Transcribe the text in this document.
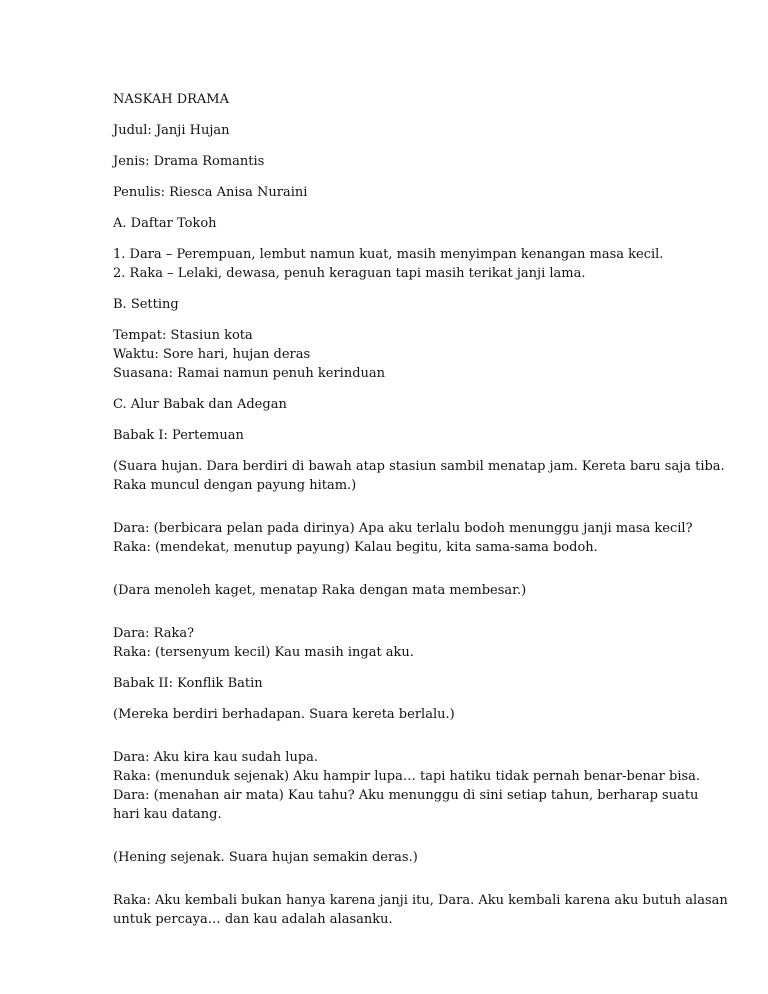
NASKAH DRAMA

Judul: Janji Hujan

Jenis: Drama Romantis

Penulis: Riesca Anisa Nuraini

A. Daftar Tokoh

1. Dara – Perempuan, lembut namun kuat, masih menyimpan kenangan masa kecil.
2. Raka – Lelaki, dewasa, penuh keraguan tapi masih terikat janji lama.

B. Setting

Tempat: Stasiun kota
Waktu: Sore hari, hujan deras
Suasana: Ramai namun penuh kerinduan

C. Alur Babak dan Adegan

Babak I: Pertemuan

(Suara hujan. Dara berdiri di bawah atap stasiun sambil menatap jam. Kereta baru saja tiba.
Raka muncul dengan payung hitam.)

Dara: (berbicara pelan pada dirinya) Apa aku terlalu bodoh menunggu janji masa kecil?
Raka: (mendekat, menutup payung) Kalau begitu, kita sama-sama bodoh.

(Dara menoleh kaget, menatap Raka dengan mata membesar.)

Dara: Raka?
Raka: (tersenyum kecil) Kau masih ingat aku.

Babak II: Konflik Batin

(Mereka berdiri berhadapan. Suara kereta berlalu.)

Dara: Aku kira kau sudah lupa.
Raka: (menunduk sejenak) Aku hampir lupa… tapi hatiku tidak pernah benar-benar bisa.
Dara: (menahan air mata) Kau tahu? Aku menunggu di sini setiap tahun, berharap suatu
hari kau datang.

(Hening sejenak. Suara hujan semakin deras.)

Raka: Aku kembali bukan hanya karena janji itu, Dara. Aku kembali karena aku butuh alasan
untuk percaya… dan kau adalah alasanku.
